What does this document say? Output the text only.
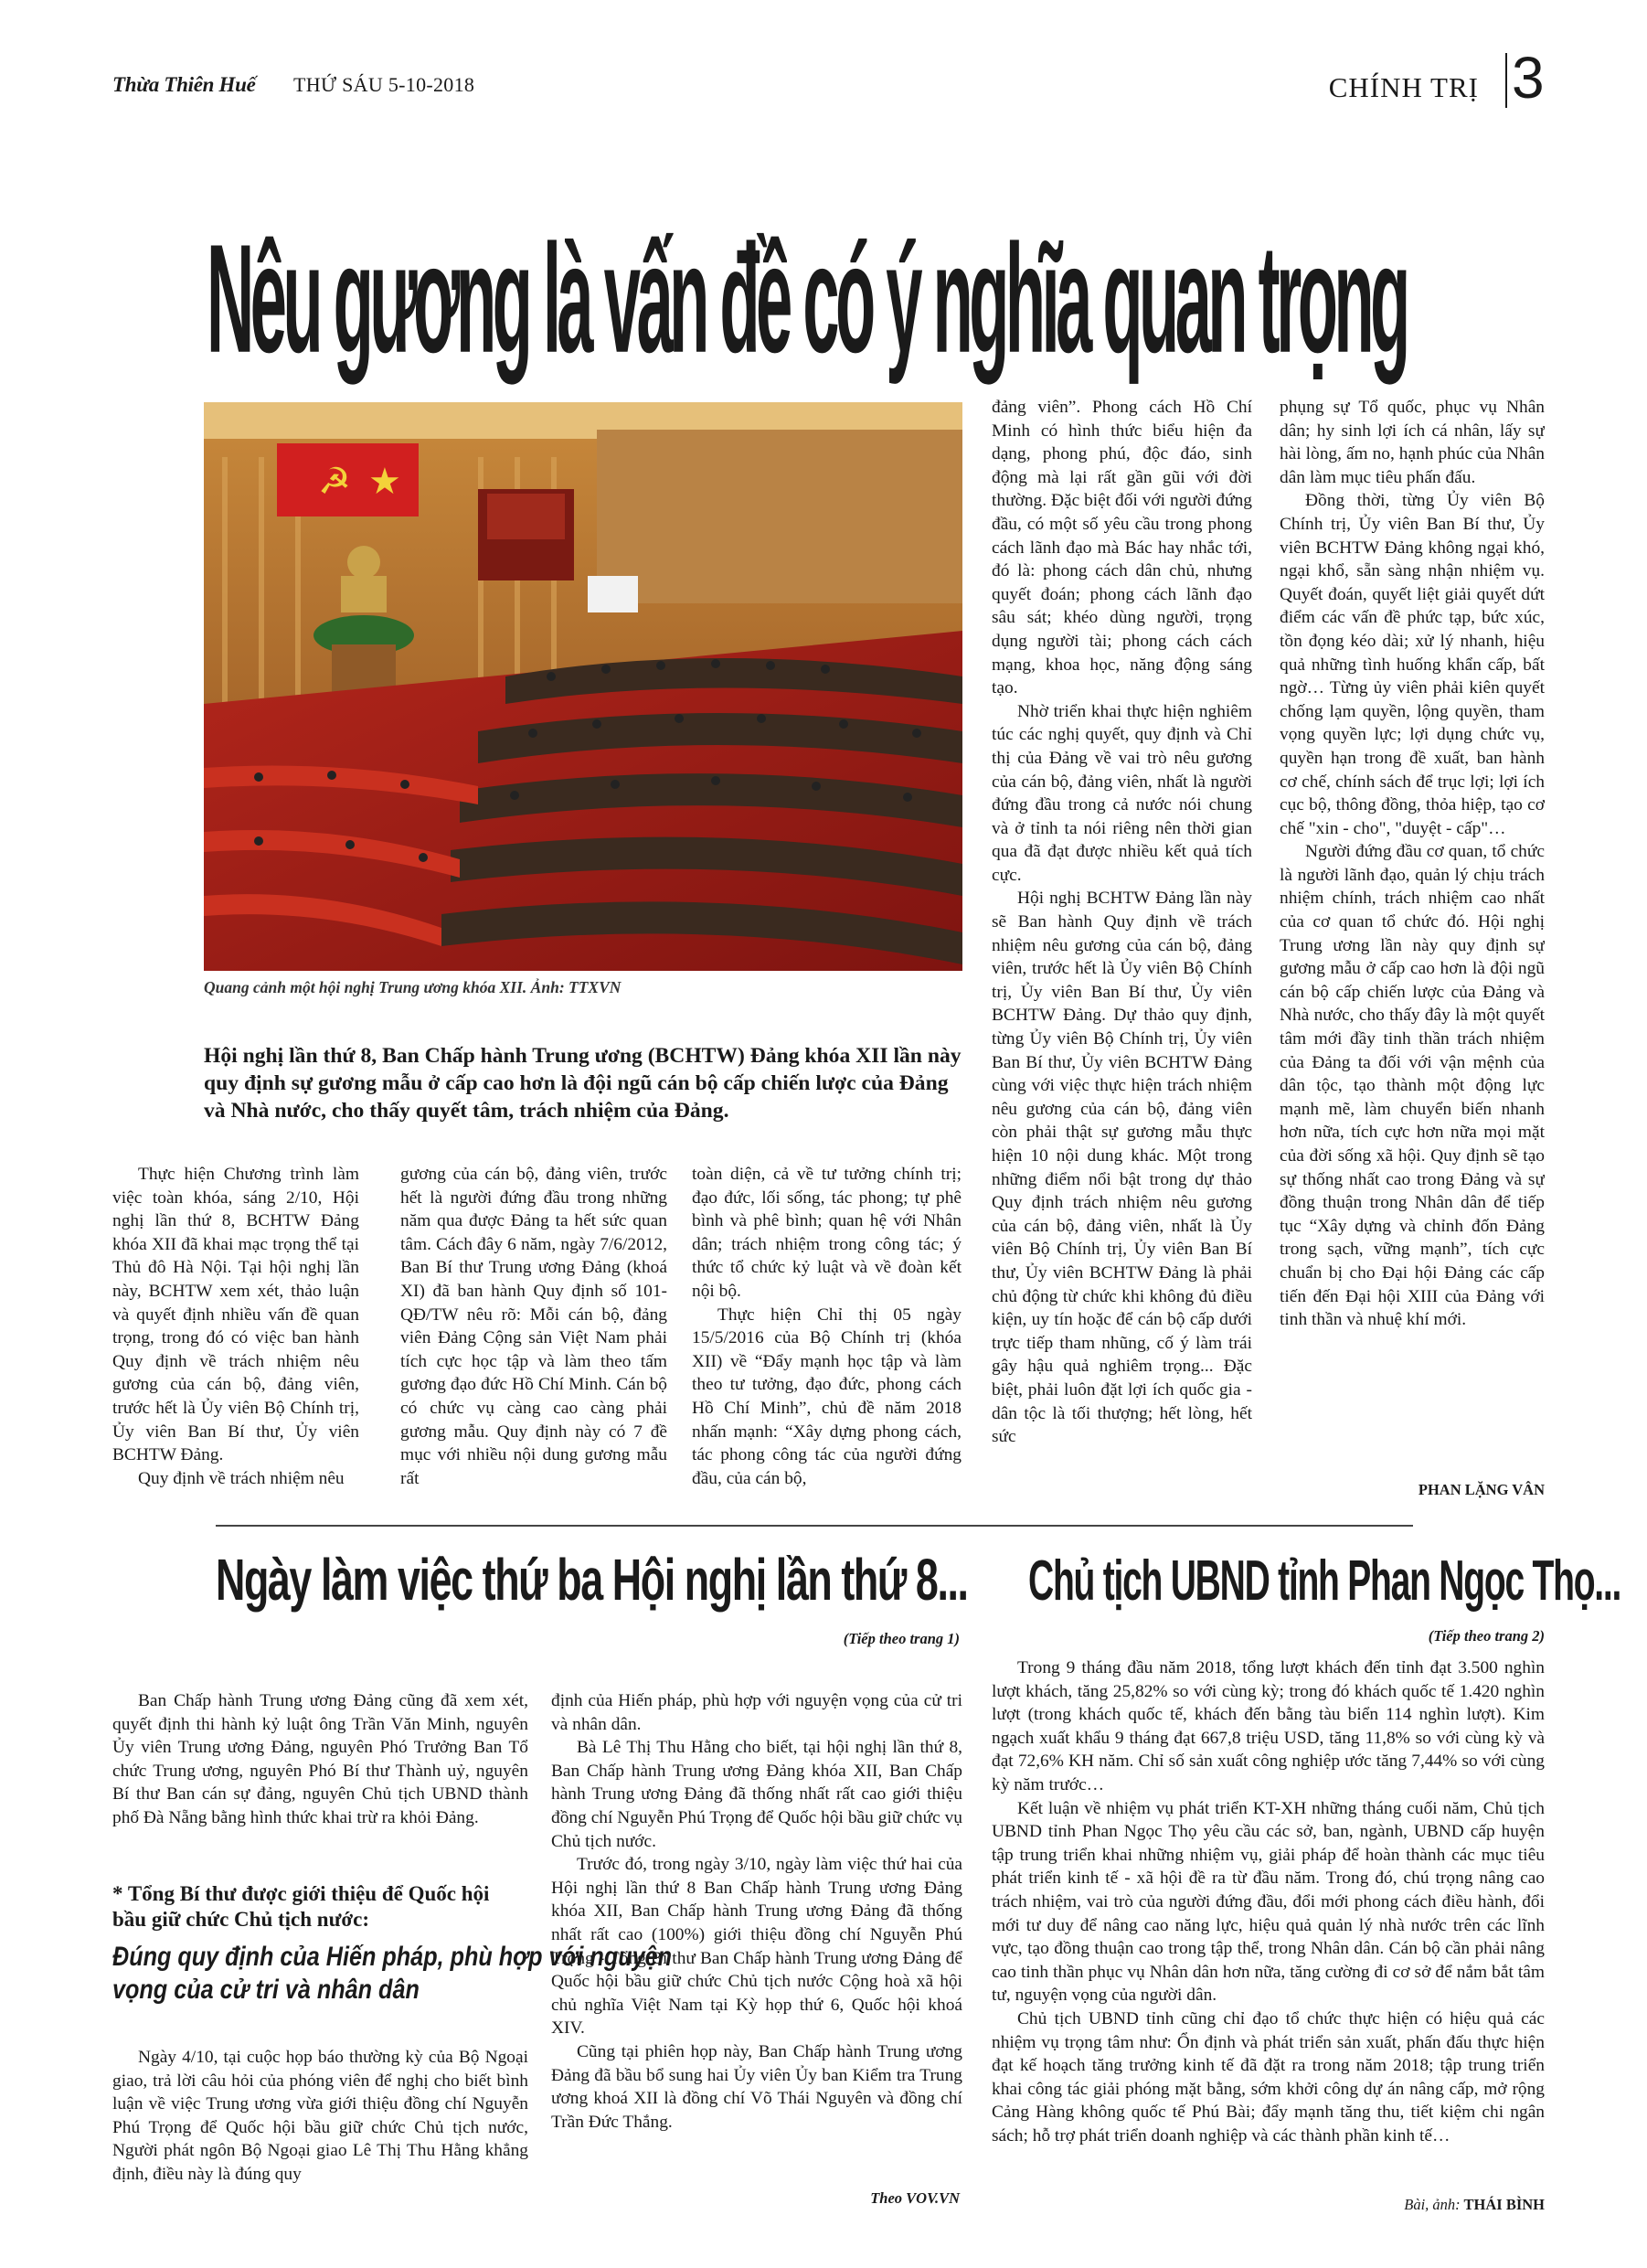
Thừa Thiên Huế THỨ SÁU 5-10-2018	CHÍNH TRỊ 3
Nêu gương là vấn đề có ý nghĩa quan trọng
☭ ★
Quang cảnh một hội nghị Trung ương khóa XII. Ảnh: TTXVN
Hội nghị lần thứ 8, Ban Chấp hành Trung ương (BCHTW) Đảng khóa XII lần này quy định sự gương mẫu ở cấp cao hơn là đội ngũ cán bộ cấp chiến lược của Đảng và Nhà nước, cho thấy quyết tâm, trách nhiệm của Đảng.

Thực hiện Chương trình làm việc toàn khóa, sáng 2/10, Hội nghị lần thứ 8, BCHTW Đảng khóa XII đã khai mạc trọng thể tại Thủ đô Hà Nội. Tại hội nghị lần này, BCHTW xem xét, thảo luận và quyết định nhiều vấn đề quan trọng, trong đó có việc ban hành Quy định về trách nhiệm nêu gương của cán bộ, đảng viên, trước hết là Ủy viên Bộ Chính trị, Ủy viên Ban Bí thư, Ủy viên BCHTW Đảng.

Quy định về trách nhiệm nêu

gương của cán bộ, đảng viên, trước hết là người đứng đầu trong những năm qua được Đảng ta hết sức quan tâm. Cách đây 6 năm, ngày 7/6/2012, Ban Bí thư Trung ương Đảng (khoá XI) đã ban hành Quy định số 101-QĐ/TW nêu rõ: Mỗi cán bộ, đảng viên Đảng Cộng sản Việt Nam phải tích cực học tập và làm theo tấm gương đạo đức Hồ Chí Minh. Cán bộ có chức vụ càng cao càng phải gương mẫu. Quy định này có 7 đề mục với nhiều nội dung gương mẫu rất

toàn diện, cả về tư tưởng chính trị; đạo đức, lối sống, tác phong; tự phê bình và phê bình; quan hệ với Nhân dân; trách nhiệm trong công tác; ý thức tổ chức kỷ luật và về đoàn kết nội bộ.

Thực hiện Chỉ thị 05 ngày 15/5/2016 của Bộ Chính trị (khóa XII) về “Đẩy mạnh học tập và làm theo tư tưởng, đạo đức, phong cách Hồ Chí Minh”, chủ đề năm 2018 nhấn mạnh: “Xây dựng phong cách, tác phong công tác của người đứng đầu, của cán bộ,

đảng viên”. Phong cách Hồ Chí Minh có hình thức biểu hiện đa dạng, phong phú, độc đáo, sinh động mà lại rất gần gũi với đời thường. Đặc biệt đối với người đứng đầu, có một số yêu cầu trong phong cách lãnh đạo mà Bác hay nhắc tới, đó là: phong cách dân chủ, nhưng quyết đoán; phong cách lãnh đạo sâu sát; khéo dùng người, trọng dụng người tài; phong cách cách mạng, khoa học, năng động sáng tạo.

Nhờ triển khai thực hiện nghiêm túc các nghị quyết, quy định và Chỉ thị của Đảng về vai trò nêu gương của cán bộ, đảng viên, nhất là người đứng đầu trong cả nước nói chung và ở tỉnh ta nói riêng nên thời gian qua đã đạt được nhiều kết quả tích cực.

Hội nghị BCHTW Đảng lần này sẽ Ban hành Quy định về trách nhiệm nêu gương của cán bộ, đảng viên, trước hết là Ủy viên Bộ Chính trị, Ủy viên Ban Bí thư, Ủy viên BCHTW Đảng. Dự thảo quy định, từng Ủy viên Bộ Chính trị, Ủy viên Ban Bí thư, Ủy viên BCHTW Đảng cùng với việc thực hiện trách nhiệm nêu gương của cán bộ, đảng viên còn phải thật sự gương mẫu thực hiện 10 nội dung khác. Một trong những điểm nổi bật trong dự thảo Quy định trách nhiệm nêu gương của cán bộ, đảng viên, nhất là Ủy viên Bộ Chính trị, Ủy viên Ban Bí thư, Ủy viên BCHTW Đảng là phải chủ động từ chức khi không đủ điều kiện, uy tín hoặc để cán bộ cấp dưới trực tiếp tham nhũng, cố ý làm trái gây hậu quả nghiêm trọng... Đặc biệt, phải luôn đặt lợi ích quốc gia - dân tộc là tối thượng; hết lòng, hết sức

phụng sự Tổ quốc, phục vụ Nhân dân; hy sinh lợi ích cá nhân, lấy sự hài lòng, ấm no, hạnh phúc của Nhân dân làm mục tiêu phấn đấu.

Đồng thời, từng Ủy viên Bộ Chính trị, Ủy viên Ban Bí thư, Ủy viên BCHTW Đảng không ngại khó, ngại khổ, sẵn sàng nhận nhiệm vụ. Quyết đoán, quyết liệt giải quyết dứt điểm các vấn đề phức tạp, bức xúc, tồn đọng kéo dài; xử lý nhanh, hiệu quả những tình huống khẩn cấp, bất ngờ… Từng ủy viên phải kiên quyết chống lạm quyền, lộng quyền, tham vọng quyền lực; lợi dụng chức vụ, quyền hạn trong đề xuất, ban hành cơ chế, chính sách để trục lợi; lợi ích cục bộ, thông đồng, thỏa hiệp, tạo cơ chế "xin - cho", "duyệt - cấp"…

Người đứng đầu cơ quan, tổ chức là người lãnh đạo, quản lý chịu trách nhiệm chính, trách nhiệm cao nhất của cơ quan tổ chức đó. Hội nghị Trung ương lần này quy định sự gương mẫu ở cấp cao hơn là đội ngũ cán bộ cấp chiến lược của Đảng và Nhà nước, cho thấy đây là một quyết tâm mới đầy tinh thần trách nhiệm của Đảng ta đối với vận mệnh của dân tộc, tạo thành một động lực mạnh mẽ, làm chuyển biến nhanh hơn nữa, tích cực hơn nữa mọi mặt của đời sống xã hội. Quy định sẽ tạo sự thống nhất cao trong Đảng và sự đồng thuận trong Nhân dân để tiếp tục “Xây dựng và chỉnh đốn Đảng trong sạch, vững mạnh”, tích cực chuẩn bị cho Đại hội Đảng các cấp tiến đến Đại hội XIII của Đảng với tinh thần và nhuệ khí mới.

PHAN LẶNG VÂN
Ngày làm việc thứ ba Hội nghị lần thứ 8...
(Tiếp theo trang 1)

Ban Chấp hành Trung ương Đảng cũng đã xem xét, quyết định thi hành kỷ luật ông Trần Văn Minh, nguyên Ủy viên Trung ương Đảng, nguyên Phó Trưởng Ban Tổ chức Trung ương, nguyên Phó Bí thư Thành uỷ, nguyên Bí thư Ban cán sự đảng, nguyên Chủ tịch UBND thành phố Đà Nẵng bằng hình thức khai trừ ra khỏi Đảng.

* Tổng Bí thư được giới thiệu để Quốc hội bầu giữ chức Chủ tịch nước:
Đúng quy định của Hiến pháp, phù hợp với nguyện vọng của cử tri và nhân dân

Ngày 4/10, tại cuộc họp báo thường kỳ của Bộ Ngoại giao, trả lời câu hỏi của phóng viên để nghị cho biết bình luận về việc Trung ương vừa giới thiệu đồng chí Nguyễn Phú Trọng để Quốc hội bầu giữ chức Chủ tịch nước, Người phát ngôn Bộ Ngoại giao Lê Thị Thu Hằng khẳng định, điều này là đúng quy

định của Hiến pháp, phù hợp với nguyện vọng của cử tri và nhân dân.

Bà Lê Thị Thu Hằng cho biết, tại hội nghị lần thứ 8, Ban Chấp hành Trung ương Đảng khóa XII, Ban Chấp hành Trung ương Đảng đã thống nhất rất cao giới thiệu đồng chí Nguyễn Phú Trọng để Quốc hội bầu giữ chức vụ Chủ tịch nước.

Trước đó, trong ngày 3/10, ngày làm việc thứ hai của Hội nghị lần thứ 8 Ban Chấp hành Trung ương Đảng khóa XII, Ban Chấp hành Trung ương Đảng đã thống nhất rất cao (100%) giới thiệu đồng chí Nguyễn Phú Trọng - Tổng Bí thư Ban Chấp hành Trung ương Đảng để Quốc hội bầu giữ chức Chủ tịch nước Cộng hoà xã hội chủ nghĩa Việt Nam tại Kỳ họp thứ 6, Quốc hội khoá XIV.

Cũng tại phiên họp này, Ban Chấp hành Trung ương Đảng đã bầu bổ sung hai Ủy viên Ủy ban Kiểm tra Trung ương khoá XII là đồng chí Võ Thái Nguyên và đồng chí Trần Đức Thắng.

Theo VOV.VN
Chủ tịch UBND tỉnh Phan Ngọc Thọ...
(Tiếp theo trang 2)

Trong 9 tháng đầu năm 2018, tổng lượt khách đến tỉnh đạt 3.500 nghìn lượt khách, tăng 25,82% so với cùng kỳ; trong đó khách quốc tế 1.420 nghìn lượt (trong khách quốc tế, khách đến bằng tàu biển 114 nghìn lượt). Kim ngạch xuất khẩu 9 tháng đạt 667,8 triệu USD, tăng 11,8% so với cùng kỳ và đạt 72,6% KH năm. Chỉ số sản xuất công nghiệp ước tăng 7,44% so với cùng kỳ năm trước…

Kết luận về nhiệm vụ phát triển KT-XH những tháng cuối năm, Chủ tịch UBND tỉnh Phan Ngọc Thọ yêu cầu các sở, ban, ngành, UBND cấp huyện tập trung triển khai những nhiệm vụ, giải pháp để hoàn thành các mục tiêu phát triển kinh tế - xã hội đề ra từ đầu năm. Trong đó, chú trọng nâng cao trách nhiệm, vai trò của người đứng đầu, đổi mới phong cách điều hành, đổi mới tư duy để nâng cao năng lực, hiệu quả quản lý nhà nước trên các lĩnh vực, tạo đồng thuận cao trong tập thể, trong Nhân dân. Cán bộ cần phải nâng cao tinh thần phục vụ Nhân dân hơn nữa, tăng cường đi cơ sở để nắm bắt tâm tư, nguyện vọng của người dân.

Chủ tịch UBND tỉnh cũng chỉ đạo tổ chức thực hiện có hiệu quả các nhiệm vụ trọng tâm như: Ổn định và phát triển sản xuất, phấn đấu thực hiện đạt kế hoạch tăng trưởng kinh tế đã đặt ra trong năm 2018; tập trung triển khai công tác giải phóng mặt bằng, sớm khởi công dự án nâng cấp, mở rộng Cảng Hàng không quốc tế Phú Bài; đẩy mạnh tăng thu, tiết kiệm chi ngân sách; hỗ trợ phát triển doanh nghiệp và các thành phần kinh tế…

Bài, ảnh: THÁI BÌNH
